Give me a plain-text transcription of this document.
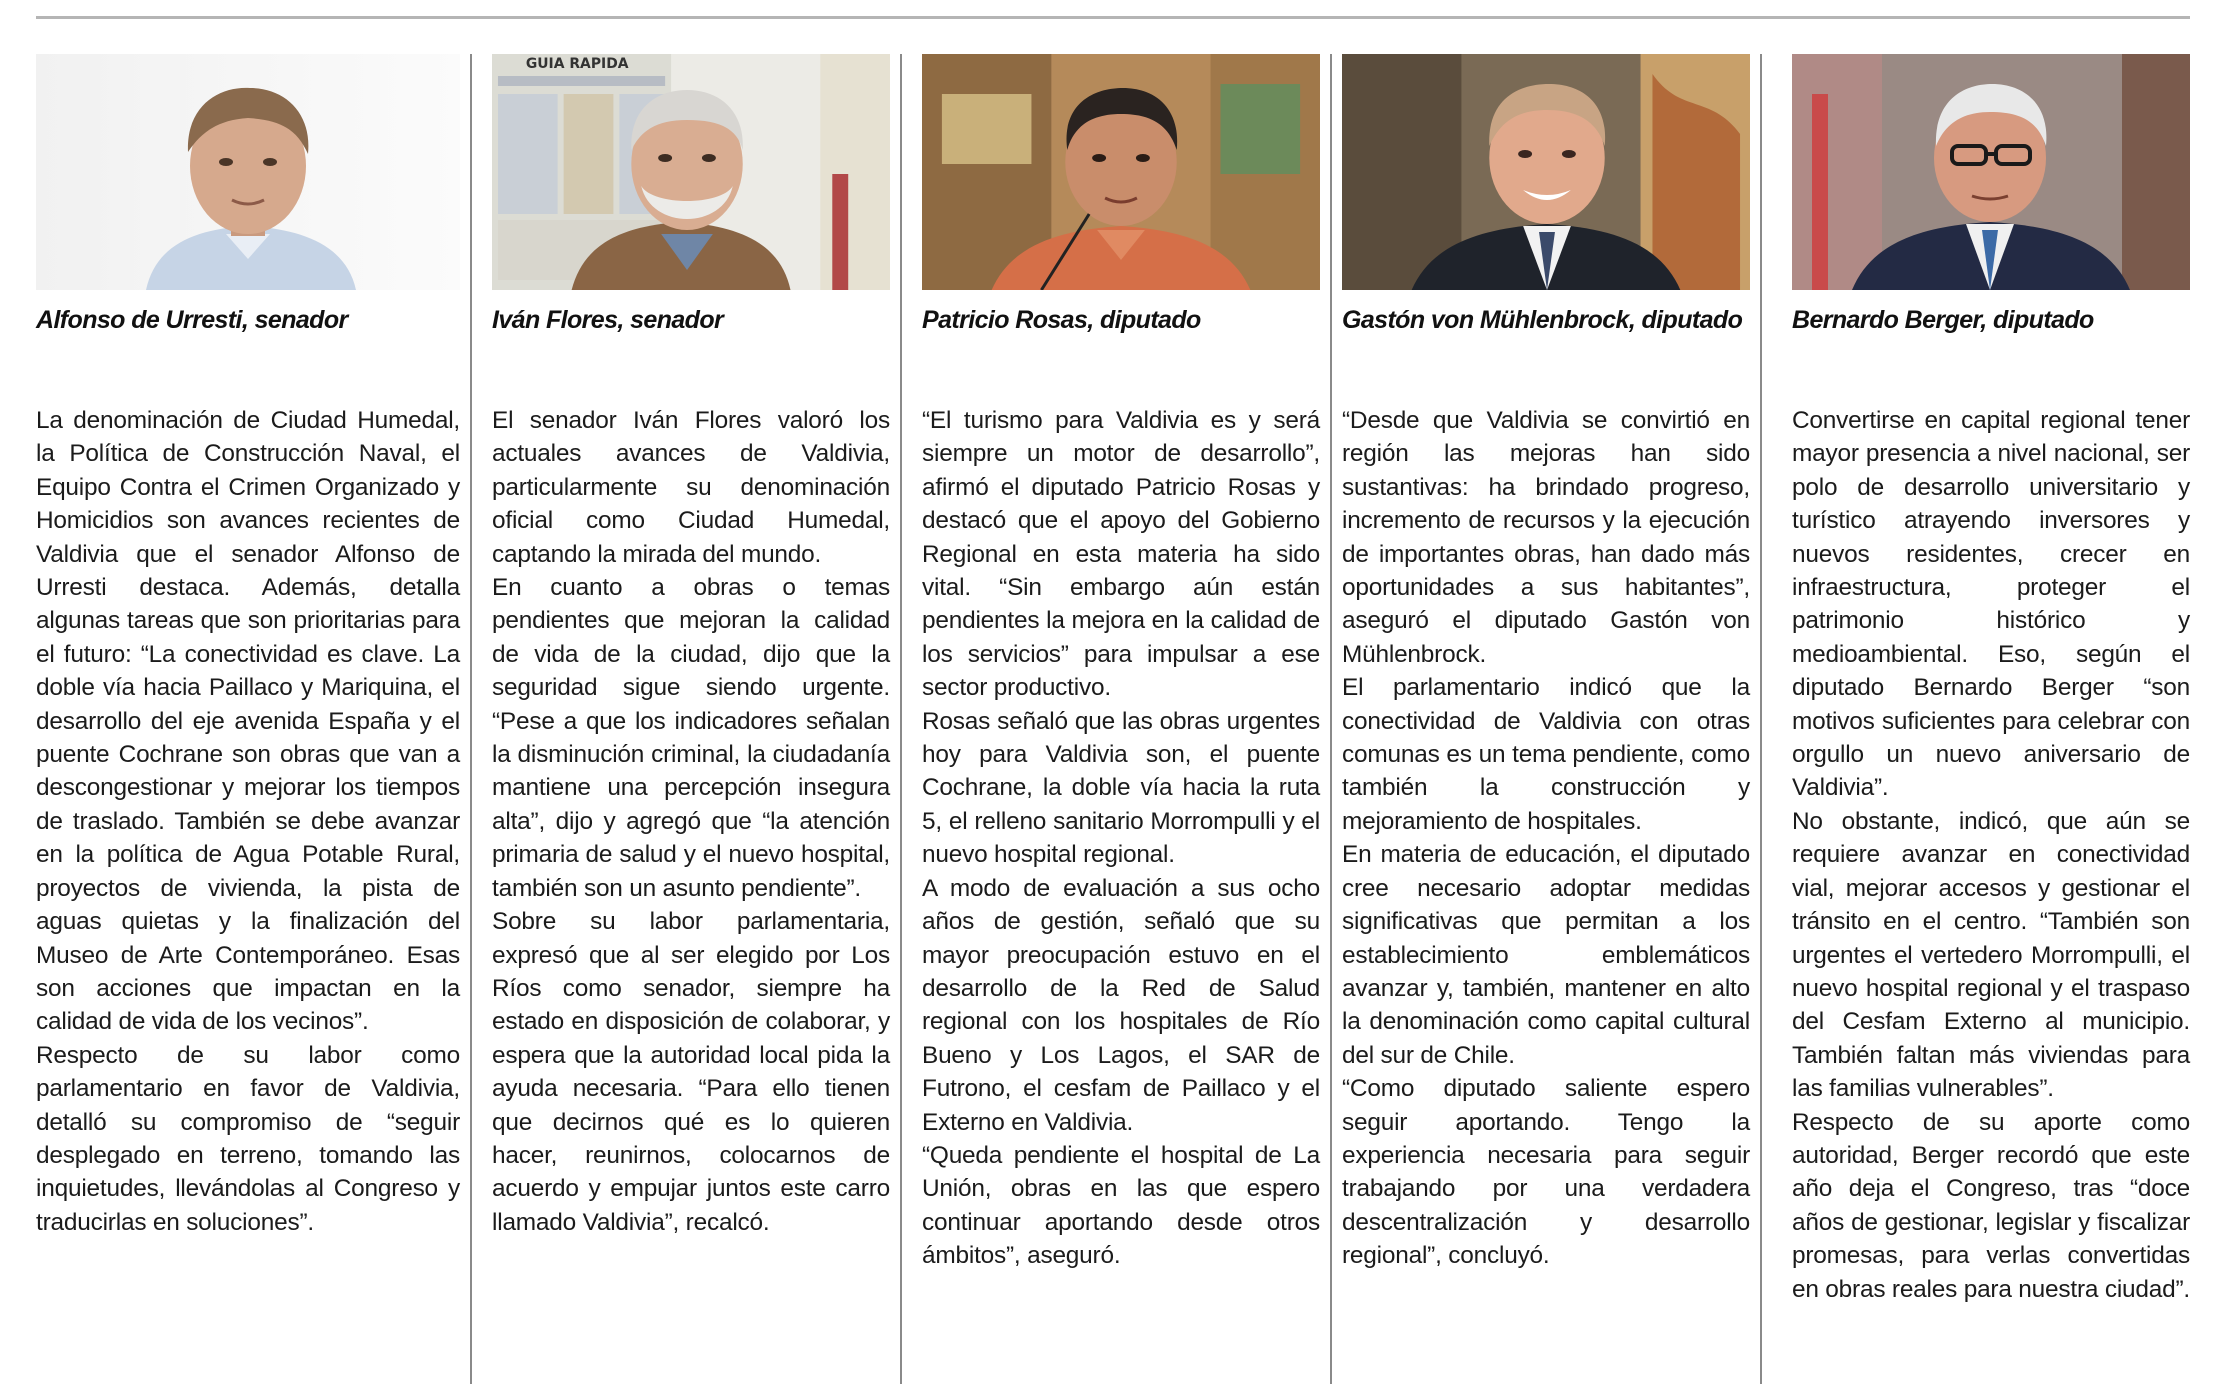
Alfonso de Urresti, senador

La denominación de Ciudad Humedal, la Política de Construcción Naval, el Equipo Contra el Crimen Organizado y Homicidios son avances recientes de Valdivia que el senador Alfonso de Urresti destaca. Además, detalla algunas tareas que son prioritarias para el futuro: “La conectividad es clave. La doble vía hacia Paillaco y Mariquina, el desarrollo del eje avenida España y el puente Cochrane son obras que van a descongestionar y mejorar los tiempos de traslado. También se debe avanzar en la política de Agua Potable Rural, proyectos de vivienda, la pista de aguas quietas y la finalización del Museo de Arte Contemporáneo. Esas son acciones que impactan en la calidad de vida de los vecinos”.

Respecto de su labor como parlamentario en favor de Valdivia, detalló su compromiso de “seguir desplegado en terreno, tomando las inquietudes, llevándolas al Congreso y traducirlas en soluciones”.

GUIA RAPIDA
Iván Flores, senador

El senador Iván Flores valoró los actuales avances de Valdivia, particularmente su denominación oficial como Ciudad Humedal, captando la mirada del mundo.

En cuanto a obras o temas pendientes que mejoran la calidad de vida de la ciudad, dijo que la seguridad sigue siendo urgente. “Pese a que los indicadores señalan la disminución criminal, la ciudadanía mantiene una percepción insegura alta”, dijo y agregó que “la atención primaria de salud y el nuevo hospital, también son un asunto pendiente”.

Sobre su labor parlamentaria, expresó que al ser elegido por Los Ríos como senador, siempre ha estado en disposición de colaborar, y espera que la autoridad local pida la ayuda necesaria. “Para ello tienen que decirnos qué es lo quieren hacer, reunirnos, colocarnos de acuerdo y empujar juntos este carro llamado Valdivia”, recalcó.

Patricio Rosas, diputado

“El turismo para Valdivia es y será siempre un motor de desarrollo”, afirmó el diputado Patricio Rosas y destacó que el apoyo del Gobierno Regional en esta materia ha sido vital. “Sin embargo aún están pendientes la mejora en la calidad de los servicios” para impulsar a ese sector productivo.

Rosas señaló que las obras urgentes hoy para Valdivia son, el puente Cochrane, la doble vía hacia la ruta 5, el relleno sanitario Morrompulli y el nuevo hospital regional.

A modo de evaluación a sus ocho años de gestión, señaló que su mayor preocupación estuvo en el desarrollo de la Red de Salud regional con los hospitales de Río Bueno y Los Lagos, el SAR de Futrono, el cesfam de Paillaco y el Externo en Valdivia.

“Queda pendiente el hospital de La Unión, obras en las que espero continuar aportando desde otros ámbitos”, aseguró.

Gastón von Mühlenbrock, diputado

“Desde que Valdivia se convirtió en región las mejoras han sido sustantivas: ha brindado progreso, incremento de recursos y la ejecución de importantes obras, han dado más oportunidades a sus habitantes”, aseguró el diputado Gastón von Mühlenbrock.

El parlamentario indicó que la conectividad de Valdivia con otras comunas es un tema pendiente, como también la construcción y mejoramiento de hospitales.

En materia de educación, el diputado cree necesario adoptar medidas significativas que permitan a los establecimiento emblemáticos avanzar y, también, mantener en alto la denominación como capital cultural del sur de Chile.

“Como diputado saliente espero seguir aportando. Tengo la experiencia necesaria para seguir trabajando por una verdadera descentralización y desarrollo regional”, concluyó.

Bernardo Berger, diputado

Convertirse en capital regional tener mayor presencia a nivel nacional, ser polo de desarrollo universitario y turístico atrayendo inversores y nuevos residentes, crecer en infraestructura, proteger el patrimonio histórico y medioambiental. Eso, según el diputado Bernardo Berger “son motivos suficientes para celebrar con orgullo un nuevo aniversario de Valdivia”.

No obstante, indicó, que aún se requiere avanzar en conectividad vial, mejorar accesos y gestionar el tránsito en el centro. “También son urgentes el vertedero Morrompulli, el nuevo hospital regional y el traspaso del Cesfam Externo al municipio. También faltan más viviendas para las familias vulnerables”.

Respecto de su aporte como autoridad, Berger recordó que este año deja el Congreso, tras “doce años de gestionar, legislar y fiscalizar promesas, para verlas convertidas en obras reales para nuestra ciudad”.
